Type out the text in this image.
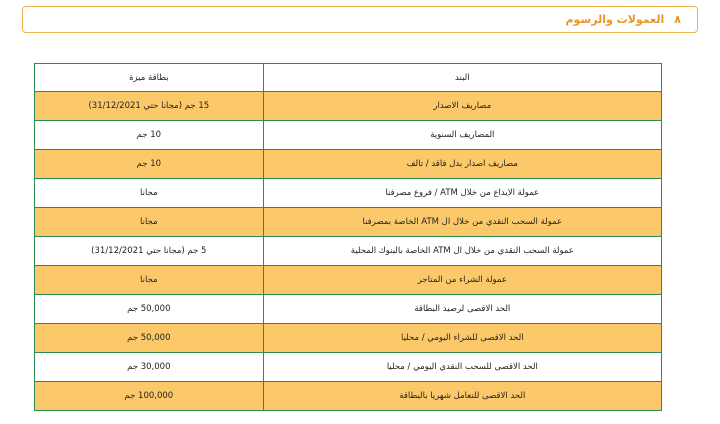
٨
العمولات والرسوم
البند	بطاقة ميزة
مصاريف الاصدار	15 جم (مجانا حتي 31/12/2021)
المصاريف السنوية	10 جم
مصاريف اصدار بدل فاقد / تالف	10 جم
عمولة الايداع من خلال ATM / فروع مصرفنا	مجانا
عمولة السحب النقدي من خلال ال ATM الخاصة بمصرفنا	مجانا
عمولة السحب النقدي من خلال ال ATM الخاصة بالبنوك المحلية	5 جم (مجانا حتي 31/12/2021)
عمولة الشراء من المتاجر	مجانا
الحد الاقصى لرصيد البطاقة	50,000 جم
الحد الاقصى للشراء اليومي / محليا	50,000 جم
الحد الاقصى للسحب النقدي اليومي / محليا	30,000 جم
الحد الاقصى للتعامل شهريا بالبطاقة	100,000 جم
